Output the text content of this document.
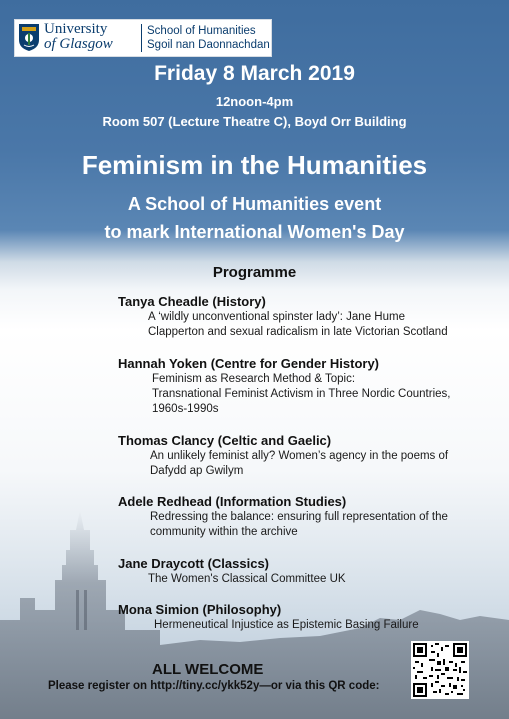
University
of Glasgow
School of Humanities
Sgoil nan Daonnachdan
Friday 8 March 2019
12noon-4pm
Room 507 (Lecture Theatre C), Boyd Orr Building
Feminism in the Humanities
A School of Humanities event
to mark International Women's Day
Programme
Tanya Cheadle (History)
A ‘wildly unconventional spinster lady’: Jane Hume
Clapperton and sexual radicalism in late Victorian Scotland
Hannah Yoken (Centre for Gender History)
Feminism as Research Method & Topic:
Transnational Feminist Activism in Three Nordic Countries,
1960s-1990s
Thomas Clancy (Celtic and Gaelic)
An unlikely feminist ally? Women’s agency in the poems of
Dafydd ap Gwilym
Adele Redhead (Information Studies)
Redressing the balance: ensuring full representation of the
community within the archive
Jane Draycott (Classics)
The Women's Classical Committee UK
Mona Simion (Philosophy)
Hermeneutical Injustice as Epistemic Basing Failure
ALL WELCOME
Please register on http://tiny.cc/ykk52y—or via this QR code:
